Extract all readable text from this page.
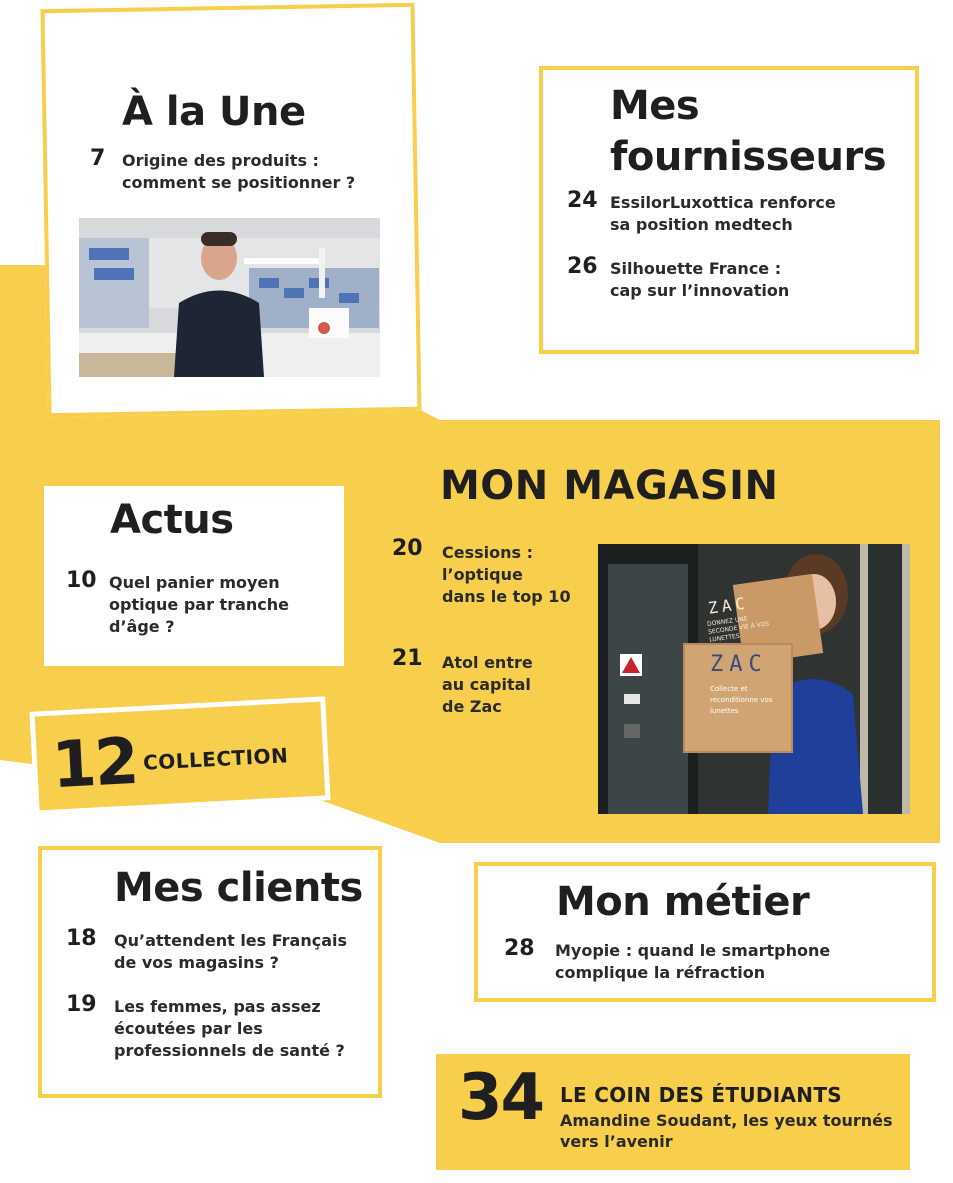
À la Une
7 Origine des produits :
comment se positionner ?
Mes
fournisseurs
24 EssilorLuxottica renforce
sa position medtech
26 Silhouette France :
cap sur l’innovation
MON MAGASIN
20 Cessions :
l’optique
dans le top 10
21 Atol entre
au capital
de Zac
ZAC
DONNEZ UNE SECONDE VIE À VOS LUNETTES
ZAC
Collecte et reconditionne vos lunettes
Actus
10 Quel panier moyen
optique par tranche
d’âge ?
12 COLLECTION
Mes clients
18 Qu’attendent les Français
de vos magasins ?
19 Les femmes, pas assez
écoutées par les
professionnels de santé ?
Mon métier
28 Myopie : quand le smartphone
complique la réfraction
34 LE COIN DES ÉTUDIANTS
Amandine Soudant, les yeux tournés
vers l’avenir
